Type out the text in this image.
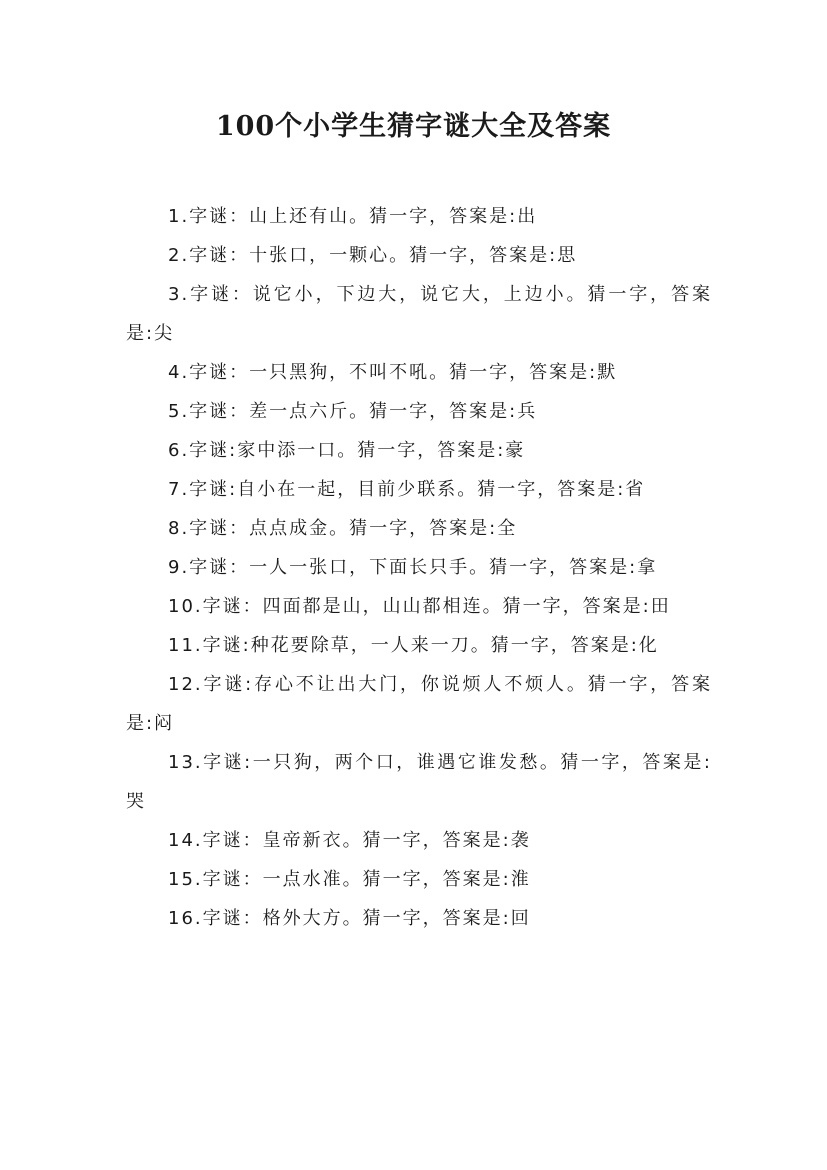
100个小学生猜字谜大全及答案
1.字谜：山上还有山。猜一字，答案是:出
2.字谜：十张口，一颗心。猜一字，答案是:思
3.字谜：说它小，下边大，说它大，上边小。猜一字，答案是:尖
4.字谜：一只黑狗，不叫不吼。猜一字，答案是:默
5.字谜：差一点六斤。猜一字，答案是:兵
6.字谜:家中添一口。猜一字，答案是:豪
7.字谜:自小在一起，目前少联系。猜一字，答案是:省
8.字谜：点点成金。猜一字，答案是:全
9.字谜：一人一张口，下面长只手。猜一字，答案是:拿
10.字谜：四面都是山，山山都相连。猜一字，答案是:田
11.字谜:种花要除草，一人来一刀。猜一字，答案是:化
12.字谜:存心不让出大门，你说烦人不烦人。猜一字，答案是:闷
13.字谜:一只狗，两个口，谁遇它谁发愁。猜一字，答案是:哭
14.字谜：皇帝新衣。猜一字，答案是:袭
15.字谜：一点水准。猜一字，答案是:淮
16.字谜：格外大方。猜一字，答案是:回
